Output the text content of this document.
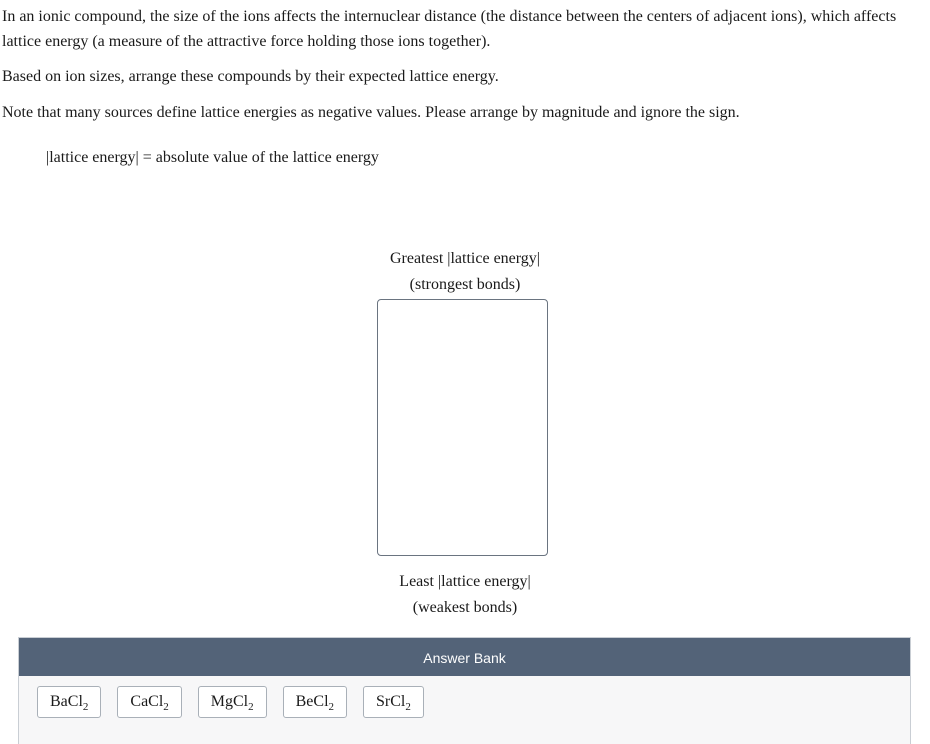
In an ionic compound, the size of the ions affects the internuclear distance (the distance between the centers of adjacent ions), which affects lattice energy (a measure of the attractive force holding those ions together).

Based on ion sizes, arrange these compounds by their expected lattice energy.

Note that many sources define lattice energies as negative values. Please arrange by magnitude and ignore the sign.

|lattice energy| = absolute value of the lattice energy
Greatest |lattice energy|
(strongest bonds)
Least |lattice energy|
(weakest bonds)
Answer Bank
BaCl$_2$	CaCl$_2$	MgCl$_2$	BeCl$_2$	SrCl$_2$
